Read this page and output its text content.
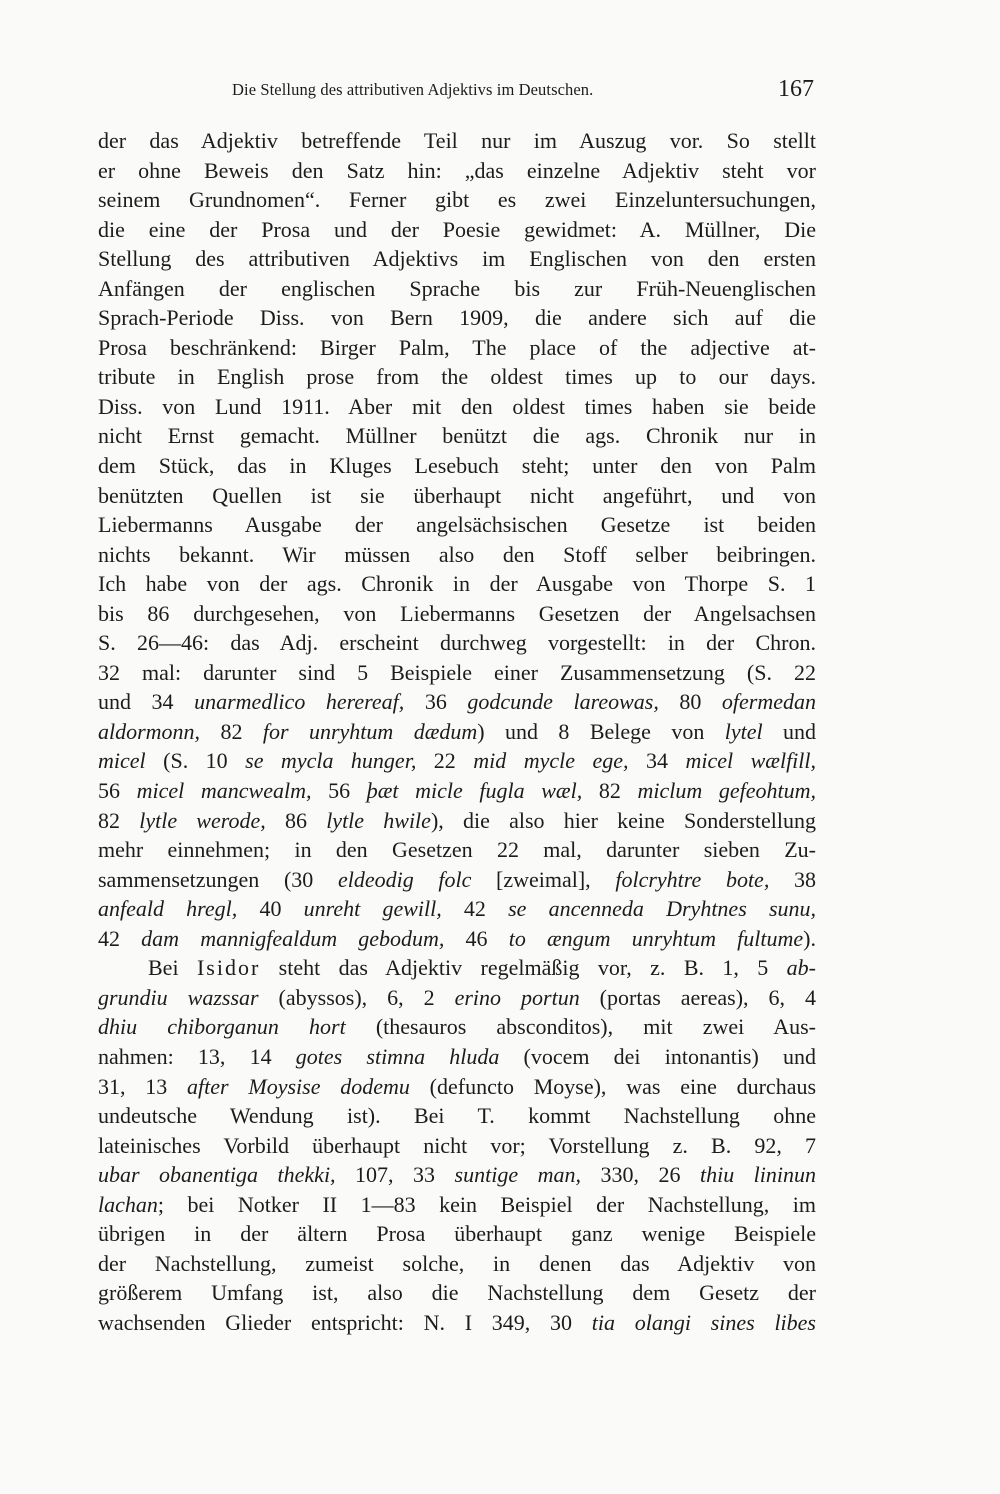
Die Stellung des attributiven Adjektivs im Deutschen.	167
der das Adjektiv betreffende Teil nur im Auszug vor. So stellt
er ohne Beweis den Satz hin: „das einzelne Adjektiv steht vor
seinem Grundnomen“. Ferner gibt es zwei Einzeluntersuchungen,
die eine der Prosa und der Poesie gewidmet: A. Müllner, Die
Stellung des attributiven Adjektivs im Englischen von den ersten
Anfängen der englischen Sprache bis zur Früh-Neuenglischen
Sprach-Periode Diss. von Bern 1909, die andere sich auf die
Prosa beschränkend: Birger Palm, The place of the adjective at-
tribute in English prose from the oldest times up to our days.
Diss. von Lund 1911. Aber mit den oldest times haben sie beide
nicht Ernst gemacht. Müllner benützt die ags. Chronik nur in
dem Stück, das in Kluges Lesebuch steht; unter den von Palm
benützten Quellen ist sie überhaupt nicht angeführt, und von
Liebermanns Ausgabe der angelsächsischen Gesetze ist beiden
nichts bekannt. Wir müssen also den Stoff selber beibringen.
Ich habe von der ags. Chronik in der Ausgabe von Thorpe S. 1
bis 86 durchgesehen, von Liebermanns Gesetzen der Angelsachsen
S. 26—46: das Adj. erscheint durchweg vorgestellt: in der Chron.
32 mal: darunter sind 5 Beispiele einer Zusammensetzung (S. 22
und 34 unarmedlico herereaf, 36 godcunde lareowas, 80 ofermedan
aldormonn, 82 for unryhtum dædum) und 8 Belege von lytel und
micel (S. 10 se mycla hunger, 22 mid mycle ege, 34 micel wælfill,
56 micel mancwealm, 56 þæt micle fugla wæl, 82 miclum gefeohtum,
82 lytle werode, 86 lytle hwile), die also hier keine Sonderstellung
mehr einnehmen; in den Gesetzen 22 mal, darunter sieben Zu-
sammensetzungen (30 eldeodig folc [zweimal], folcryhtre bote, 38
anfeald hregl, 40 unreht gewill, 42 se ancenneda Dryhtnes sunu,
42 dam mannigfealdum gebodum, 46 to ængum unryhtum fultume).
Bei Isidor steht das Adjektiv regelmäßig vor, z. B. 1, 5 ab-
grundiu wazssar (abyssos), 6, 2 erino portun (portas aereas), 6, 4
dhiu chiborganun hort (thesauros absconditos), mit zwei Aus-
nahmen: 13, 14 gotes stimna hluda (vocem dei intonantis) und
31, 13 after Moysise dodemu (defuncto Moyse), was eine durchaus
undeutsche Wendung ist). Bei T. kommt Nachstellung ohne
lateinisches Vorbild überhaupt nicht vor; Vorstellung z. B. 92, 7
ubar obanentiga thekki, 107, 33 suntige man, 330, 26 thiu lininun
lachan; bei Notker II 1—83 kein Beispiel der Nachstellung, im
übrigen in der ältern Prosa überhaupt ganz wenige Beispiele
der Nachstellung, zumeist solche, in denen das Adjektiv von
größerem Umfang ist, also die Nachstellung dem Gesetz der
wachsenden Glieder entspricht: N. I 349, 30 tia olangi sines libes
